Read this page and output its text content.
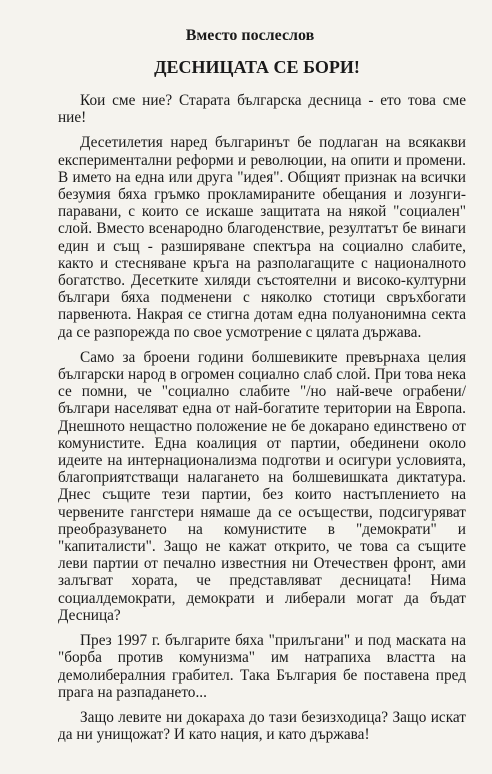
Вместо послеслов
ДЕСНИЦАТА СЕ БОРИ!

Кои сме ние? Старата българска десница - ето това сме ние!

Десетилетия наред българинът бе подлаган на всякакви експериментални реформи и революции, на опити и промени. В името на една или друга "идея". Общият признак на всички безумия бяха гръмко прокламираните обещания и лозунги-паравани, с които се искаше защитата на някой "социален" слой. Вместо всенародно благоденствие, резултатът бе винаги един и същ - разширяване спектъра на социално слабите, както и стесняване кръга на разполагащите с националното богатство. Десетките хиляди състоятелни и високо-културни българи бяха подменени с няколко стотици свръхбогати парвенюта. Накрая се стигна дотам една полуанонимна секта да се разпорежда по свое усмотрение с цялата държава.

Само за броени години болшевиките превърнаха целия български народ в огромен социално слаб слой. При това нека се помни, че "социално слабите "/но най-вече ограбени/ българи населяват една от най-богатите територии на Европа. Днешното нещастно положение не бе докарано единствено от комунистите. Една коалиция от партии, обединени около идеите на интернационализма подготви и осигури условията, благоприятстващи налагането на болшевишката диктатура. Днес същите тези партии, без които настъплението на червените гангстери нямаше да се осъществи, подсигуряват преобразуването на комунистите в "демократи" и "капиталисти". Защо не кажат открито, че това са същите леви партии от печално известния ни Отечествен фронт, ами залъгват хората, че представляват десницата! Нима социалдемократи, демократи и либерали могат да бъдат Десница?

През 1997 г. българите бяха "прилъгани" и под маската на "борба против комунизма" им натрапиха властта на демолибералния грабител. Така България бе поставена пред прага на разпадането...

Защо левите ни докараха до тази безизходица? Защо искат да ни унищожат? И като нация, и като държава!
